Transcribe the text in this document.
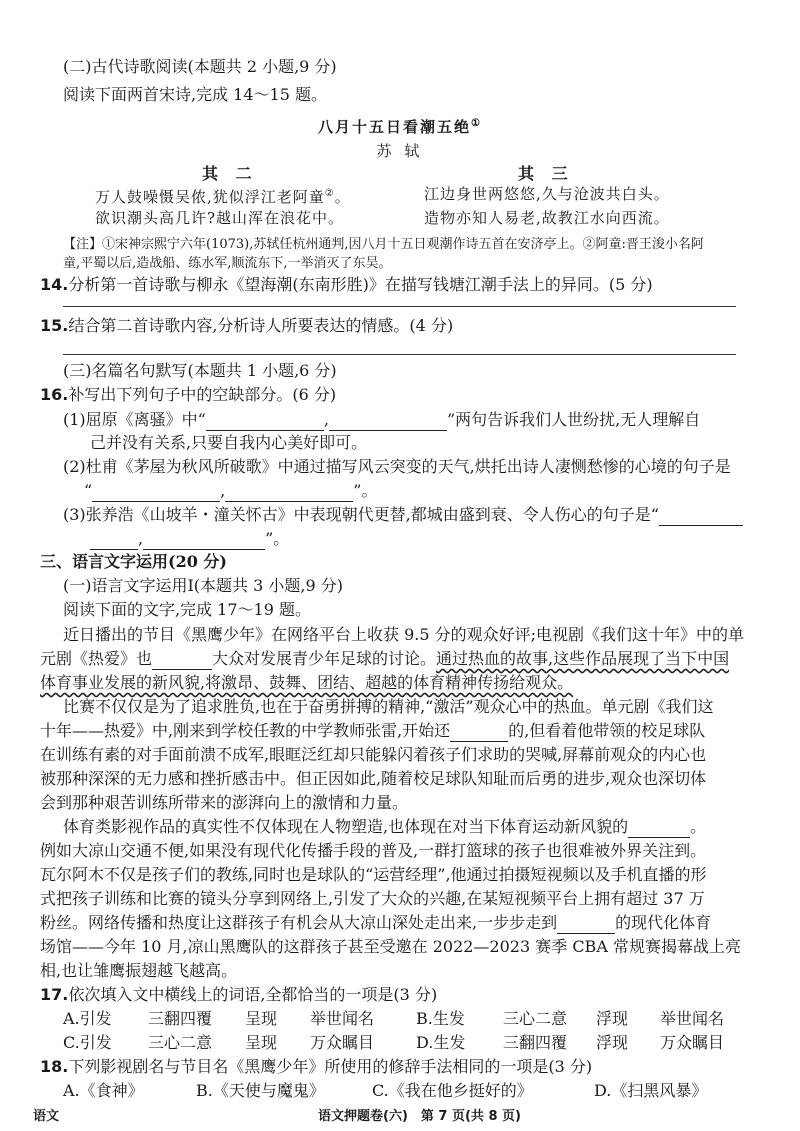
(二)古代诗歌阅读(本题共 2 小题,9 分)
阅读下面两首宋诗,完成 14～15 题。
八月十五日看潮五绝①
苏 轼
其 二	其 三
万人鼓噪慑吴侬,犹似浮江老阿童②。	江边身世两悠悠,久与沧波共白头。
欲识潮头高几许?越山浑在浪花中。	造物亦知人易老,故教江水向西流。
【注】①宋神宗熙宁六年(1073),苏轼任杭州通判,因八月十五日观潮作诗五首在安济亭上。②阿童:晋王浚小名阿
童,平蜀以后,造战船、练水军,顺流东下,一举消灭了东吴。
14.分析第一首诗歌与柳永《望海潮(东南形胜)》在描写钱塘江潮手法上的异同。(5 分)
15.结合第二首诗歌内容,分析诗人所要表达的情感。(4 分)
(三)名篇名句默写(本题共 1 小题,6 分)
16.补写出下列句子中的空缺部分。(6 分)
(1)屈原《离骚》中“	,	”两句告诉我们人世纷扰,无人理解自
己并没有关系,只要自我内心美好即可。
(2)杜甫《茅屋为秋风所破歌》中通过描写风云突变的天气,烘托出诗人凄恻愁惨的心境的句子是
“	,	”。
(3)张养浩《山坡羊・潼关怀古》中表现朝代更替,都城由盛到衰、令人伤心的句子是“
,	”。
三、语言文字运用(20 分)
(一)语言文字运用Ⅰ(本题共 3 小题,9 分)
阅读下面的文字,完成 17～19 题。
近日播出的节目《黑鹰少年》在网络平台上收获 9.5 分的观众好评;电视剧《我们这十年》中的单
元剧《热爱》也	大众对发展青少年足球的讨论。通过热血的故事,这些作品展现了当下中国
体育事业发展的新风貌,将激昂、鼓舞、团结、超越的体育精神传扬给观众。
比赛不仅仅是为了追求胜负,也在于奋勇拼搏的精神,“激活”观众心中的热血。单元剧《我们这
十年——热爱》中,刚来到学校任教的中学教师张雷,开始还	的,但看着他带领的校足球队
在训练有素的对手面前溃不成军,眼眶泛红却只能躲闪着孩子们求助的哭喊,屏幕前观众的内心也
被那种深深的无力感和挫折感击中。但正因如此,随着校足球队知耻而后勇的进步,观众也深切体
会到那种艰苦训练所带来的澎湃向上的激情和力量。
体育类影视作品的真实性不仅体现在人物塑造,也体现在对当下体育运动新风貌的	。
例如大凉山交通不便,如果没有现代化传播手段的普及,一群打篮球的孩子也很难被外界关注到。
瓦尔阿木不仅是孩子们的教练,同时也是球队的“运营经理”,他通过拍摄短视频以及手机直播的形
式把孩子训练和比赛的镜头分享到网络上,引发了大众的兴趣,在某短视频平台上拥有超过 37 万
粉丝。网络传播和热度让这群孩子有机会从大凉山深处走出来,一步步走到	的现代化体育
场馆——今年 10 月,凉山黑鹰队的这群孩子甚至受邀在 2022—2023 赛季 CBA 常规赛揭幕战上亮
相,也让雏鹰振翅越飞越高。
17.依次填入文中横线上的词语,全都恰当的一项是(3 分)
A.引发 三翻四覆 呈现 举世闻名	B.生发 三心二意 浮现 举世闻名
C.引发 三心二意 呈现 万众瞩目	D.生发 三翻四覆 浮现 万众瞩目
18.下列影视剧名与节目名《黑鹰少年》所使用的修辞手法相同的一项是(3 分)
A.《食神》	B.《天使与魔鬼》	C.《我在他乡挺好的》	D.《扫黑风暴》
语文	语文押题卷(六)　第 7 页(共 8 页)
